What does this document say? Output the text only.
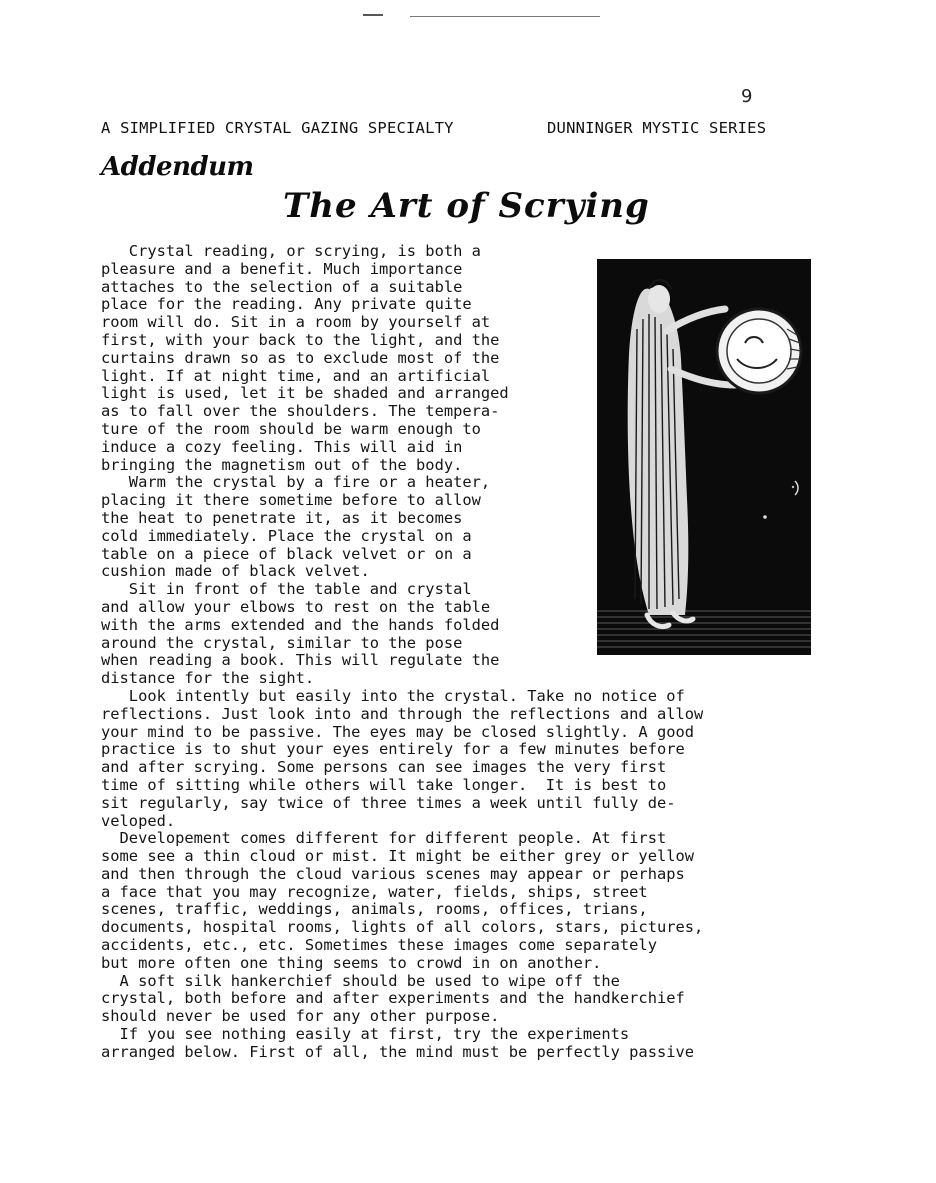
9
A SIMPLIFIED CRYSTAL GAZING SPECIALTY	DUNNINGER MYSTIC SERIES
Addendum
The Art of Scrying
Crystal reading, or scrying, is both a
pleasure and a benefit. Much importance
attaches to the selection of a suitable
place for the reading. Any private quite
room will do. Sit in a room by yourself at
first, with your back to the light, and the
curtains drawn so as to exclude most of the
light. If at night time, and an artificial
light is used, let it be shaded and arranged
as to fall over the shoulders. The tempera-
ture of the room should be warm enough to
induce a cozy feeling. This will aid in
bringing the magnetism out of the body.
Warm the crystal by a fire or a heater,
placing it there sometime before to allow
the heat to penetrate it, as it becomes
cold immediately. Place the crystal on a
table on a piece of black velvet or on a
cushion made of black velvet.
Sit in front of the table and crystal
and allow your elbows to rest on the table
with the arms extended and the hands folded
around the crystal, similar to the pose
when reading a book. This will regulate the
distance for the sight.
Look intently but easily into the crystal. Take no notice of
reflections. Just look into and through the reflections and allow
your mind to be passive. The eyes may be closed slightly. A good
practice is to shut your eyes entirely for a few minutes before
and after scrying. Some persons can see images the very first
time of sitting while others will take longer.  It is best to
sit regularly, say twice of three times a week until fully de-
veloped.
Developement comes different for different people. At first
some see a thin cloud or mist. It might be either grey or yellow
and then through the cloud various scenes may appear or perhaps
a face that you may recognize, water, fields, ships, street
scenes, traffic, weddings, animals, rooms, offices, trians,
documents, hospital rooms, lights of all colors, stars, pictures,
accidents, etc., etc. Sometimes these images come separately
but more often one thing seems to crowd in on another.
A soft silk hankerchief should be used to wipe off the
crystal, both before and after experiments and the handkerchief
should never be used for any other purpose.
If you see nothing easily at first, try the experiments
arranged below. First of all, the mind must be perfectly passive
